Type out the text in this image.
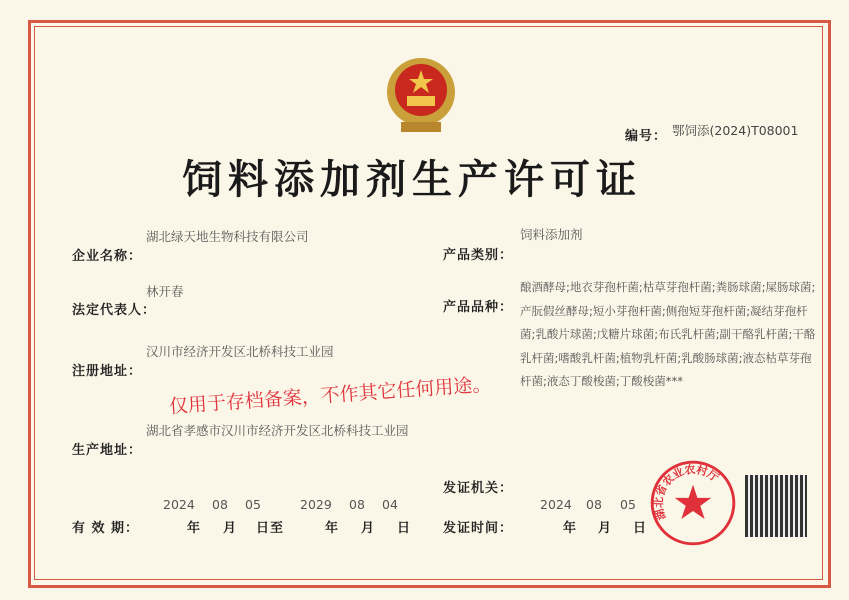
编号： 鄂饲添(2024)T08001
饲料添加剂生产许可证
湖北绿天地生物科技有限公司
企业名称：
林开春
法定代表人：
汉川市经济开发区北桥科技工业园
注册地址：
湖北省孝感市汉川市经济开发区北桥科技工业园
生产地址：
饲料添加剂
产品类别：
产品品种：
酿酒酵母;地衣芽孢杆菌;枯草芽孢杆菌;粪肠球菌;屎肠球菌;产朊假丝酵母;短小芽孢杆菌;侧孢短芽孢杆菌;凝结芽孢杆菌;乳酸片球菌;戊糖片球菌;布氏乳杆菌;副干酪乳杆菌;干酪乳杆菌;嗜酸乳杆菌;植物乳杆菌;乳酸肠球菌;液态枯草芽孢杆菌;液态丁酸梭菌;丁酸梭菌***
发证机关：
有 效 期：
2024 08 05	2029 08 04
年 月 日至	年 月 日 发证时间：
2024 08 05
年 月 日
仅用于存档备案，不作其它任何用途。
湖北省农业农村厅
